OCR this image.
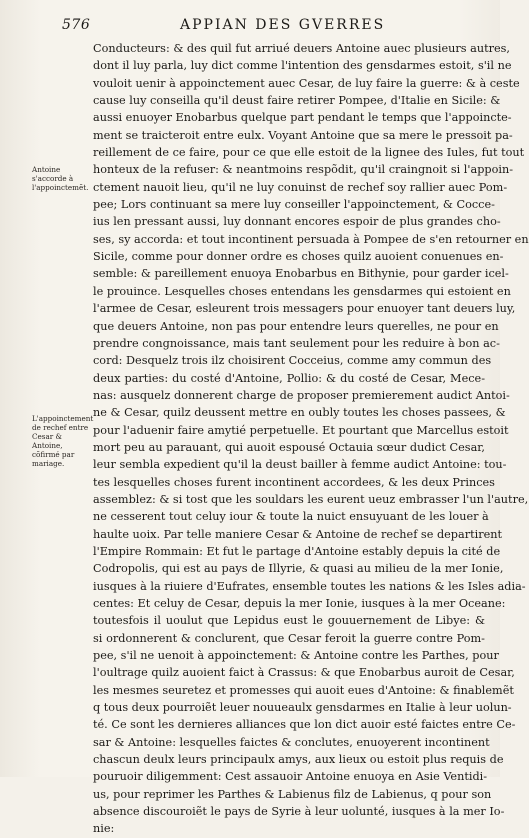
576	APPIAN DES GVERRES
Antoine s'accorde à l'appoinctemẽt.
L'appoinctement de rechef entre Cesar & Antoine, cõfirmé par mariage.
Conducteurs: & des quil fut arriué deuers Antoine auec plusieurs autres,
dont il luy parla, luy dict comme l'intention des gensdarmes estoit, s'il ne
vouloit uenir à appoinctement auec Cesar, de luy faire la guerre: & à ceste
cause luy conseilla qu'il deust faire retirer Pompee, d'Italie en Sicile: &
aussi enuoyer Enobarbus quelque part pendant le temps que l'appoincte-
ment se traicteroit entre eulx. Voyant Antoine que sa mere le pressoit pa-
reillement de ce faire, pour ce que elle estoit de la lignee des Iules, fut tout
honteux de la refuser: & neantmoins respõdit, qu'il craingnoit si l'appoin-
ctement nauoit lieu, qu'il ne luy conuinst de rechef soy rallier auec Pom-
pee; Lors continuant sa mere luy conseiller l'appoinctement, & Cocce-
ius len pressant aussi, luy donnant encores espoir de plus grandes cho-
ses, sy accorda: et tout incontinent persuada à Pompee de s'en retourner en
Sicile, comme pour donner ordre es choses quilz auoient conuenues en-
semble: & pareillement enuoya Enobarbus en Bithynie, pour garder icel-
le prouince. Lesquelles choses entendans les gensdarmes qui estoient en
l'armee de Cesar, esleurent trois messagers pour enuoyer tant deuers luy,
que deuers Antoine, non pas pour entendre leurs querelles, ne pour en
prendre congnoissance, mais tant seulement pour les reduire à bon ac-
cord: Desquelz trois ilz choisirent Cocceius, comme amy commun des
deux parties: du costé d'Antoine, Pollio: & du costé de Cesar, Mece-
nas: ausquelz donnerent charge de proposer premierement audict Antoi-
ne & Cesar, quilz deussent mettre en oubly toutes les choses passees, &
pour l'aduenir faire amytié perpetuelle. Et pourtant que Marcellus estoit
mort peu au parauant, qui auoit espousé Octauia sœur dudict Cesar,
leur sembla expedient qu'il la deust bailler à femme audict Antoine: tou-
tes lesquelles choses furent incontinent accordees, & les deux Princes
assemblez: & si tost que les souldars les eurent ueuz embrasser l'un l'autre,
ne cesserent tout celuy iour & toute la nuict ensuyuant de les louer à
haulte uoix. Par telle maniere Cesar & Antoine de rechef se departirent
l'Empire Rommain: Et fut le partage d'Antoine estably depuis la cité de
Codropolis, qui est au pays de Illyrie, & quasi au milieu de la mer Ionie,
iusques à la riuiere d'Eufrates, ensemble toutes les nations & les Isles adia-
centes: Et celuy de Cesar, depuis la mer Ionie, iusques à la mer Oceane:
toutesfois il uoulut que Lepidus eust le gouuernement de Libye: &
si ordonnerent & conclurent, que Cesar feroit la guerre contre Pom-
pee, s'il ne uenoit à appoinctement: & Antoine contre les Parthes, pour
l'oultrage quilz auoient faict à Crassus: & que Enobarbus auroit de Cesar,
les mesmes seuretez et promesses qui auoit eues d'Antoine: & finablemẽt
q tous deux pourroiẽt leuer nouueaulx gensdarmes en Italie à leur uolun-
té. Ce sont les dernieres alliances que lon dict auoir esté faictes entre Ce-
sar & Antoine: lesquelles faictes & conclutes, enuoyerent incontinent
chascun deulx leurs principaulx amys, aux lieux ou estoit plus requis de
pouruoir diligemment: Cest assauoir Antoine enuoya en Asie Ventidi-
us, pour reprimer les Parthes & Labienus filz de Labienus, q pour son
absence discouroiẽt le pays de Syrie à leur uolunté, iusques à la mer Io-
nie:
